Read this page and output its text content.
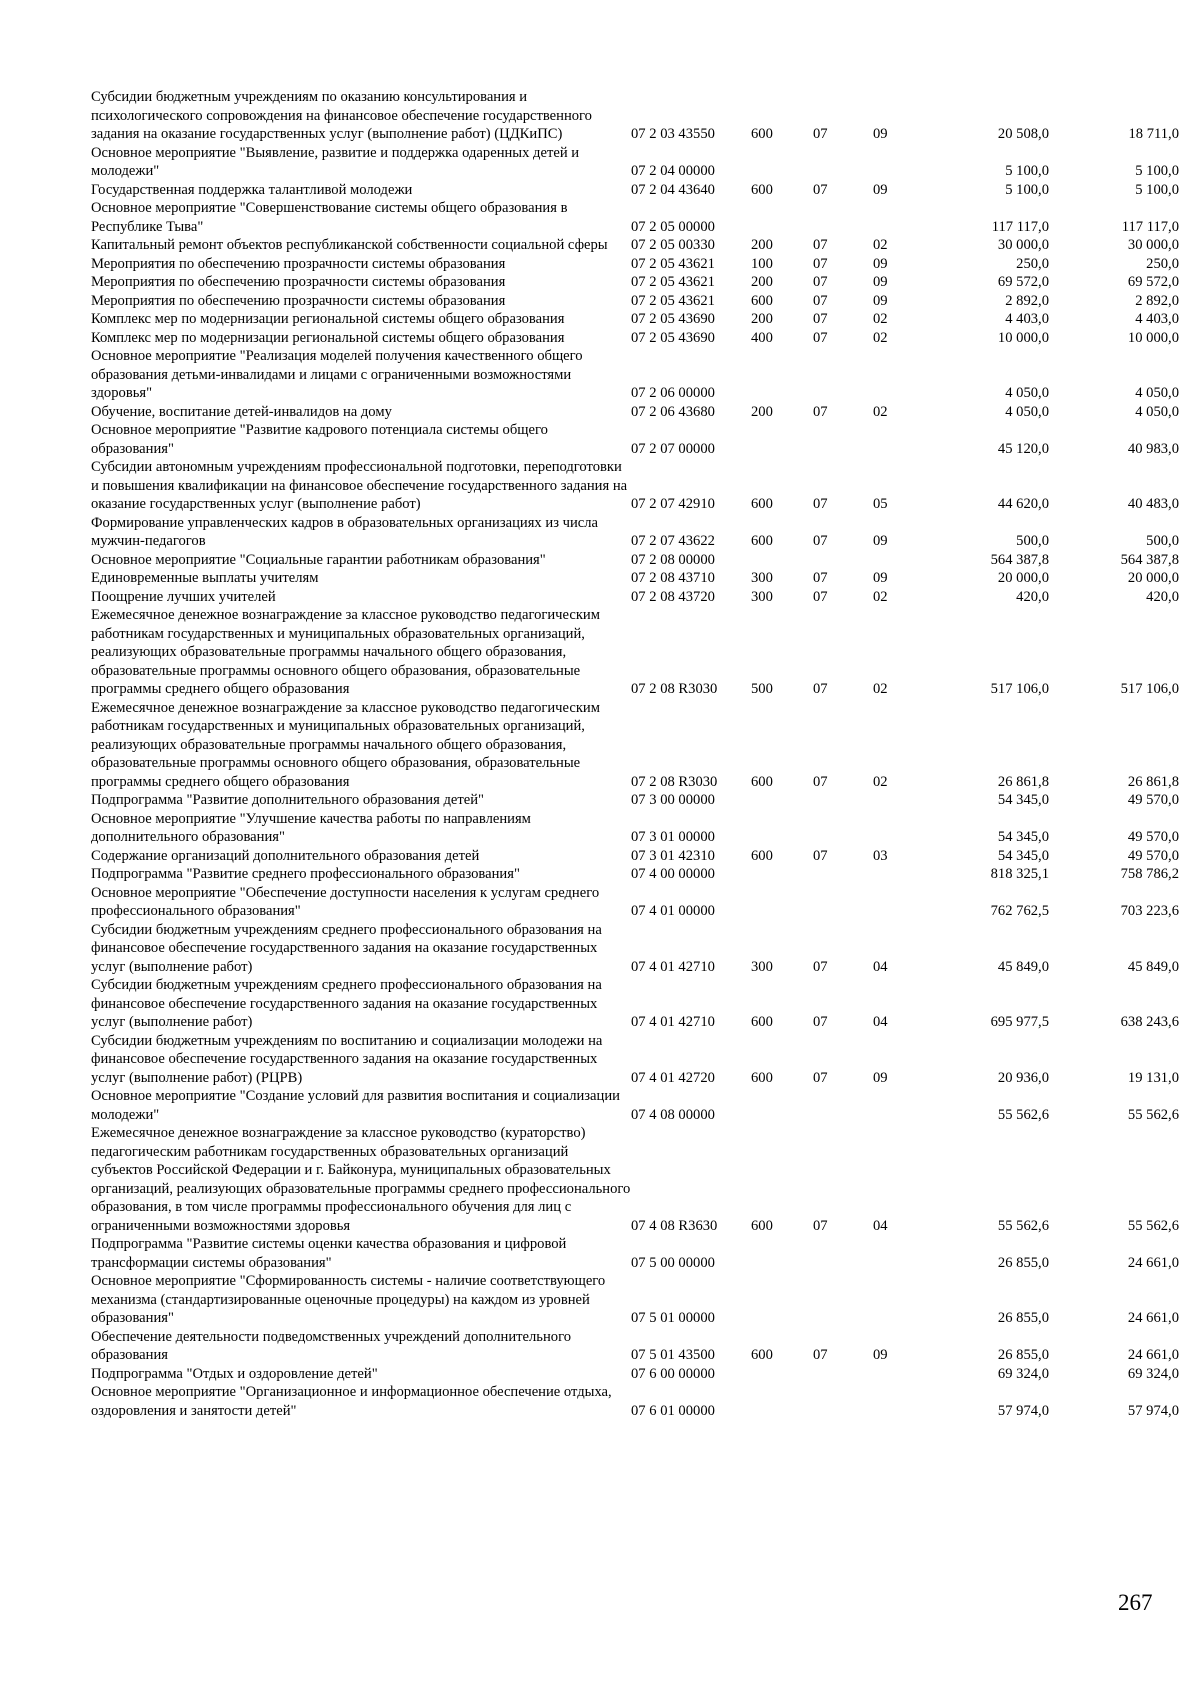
Субсидии бюджетным учреждениям по оказанию консультирования и психологического сопровождения на финансовое обеспечение государственного задания на оказание государственных услуг (выполнение работ) (ЦДКиПС)	07 2 03 43550	600	07	09	20 508,0	18 711,0
Основное мероприятие "Выявление, развитие и поддержка одаренных детей и молодежи"	07 2 04 00000				5 100,0	5 100,0
Государственная поддержка талантливой молодежи	07 2 04 43640	600	07	09	5 100,0	5 100,0
Основное мероприятие "Совершенствование системы общего образования в Республике Тыва"	07 2 05 00000				117 117,0	117 117,0
Капитальный ремонт объектов республиканской собственности социальной сферы	07 2 05 00330	200	07	02	30 000,0	30 000,0
Мероприятия по обеспечению прозрачности системы образования	07 2 05 43621	100	07	09	250,0	250,0
Мероприятия по обеспечению прозрачности системы образования	07 2 05 43621	200	07	09	69 572,0	69 572,0
Мероприятия по обеспечению прозрачности системы образования	07 2 05 43621	600	07	09	2 892,0	2 892,0
Комплекс мер по модернизации региональной системы общего образования	07 2 05 43690	200	07	02	4 403,0	4 403,0
Комплекс мер по модернизации региональной системы общего образования	07 2 05 43690	400	07	02	10 000,0	10 000,0
Основное мероприятие "Реализация моделей получения качественного общего образования детьми-инвалидами и лицами с ограниченными возможностями здоровья"	07 2 06 00000				4 050,0	4 050,0
Обучение, воспитание детей-инвалидов на дому	07 2 06 43680	200	07	02	4 050,0	4 050,0
Основное мероприятие "Развитие кадрового потенциала системы общего образования"	07 2 07 00000				45 120,0	40 983,0
Субсидии автономным учреждениям профессиональной подготовки, переподготовки и повышения квалификации на финансовое обеспечение государственного задания на оказание государственных услуг (выполнение работ)	07 2 07 42910	600	07	05	44 620,0	40 483,0
Формирование управленческих кадров в образовательных организациях из числа мужчин-педагогов	07 2 07 43622	600	07	09	500,0	500,0
Основное мероприятие "Социальные гарантии работникам образования"	07 2 08 00000				564 387,8	564 387,8
Единовременные выплаты учителям	07 2 08 43710	300	07	09	20 000,0	20 000,0
Поощрение лучших учителей	07 2 08 43720	300	07	02	420,0	420,0
Ежемесячное денежное вознаграждение за классное руководство педагогическим работникам государственных и муниципальных образовательных организаций, реализующих образовательные программы начального общего образования, образовательные программы основного общего образования, образовательные программы среднего общего образования	07 2 08 R3030	500	07	02	517 106,0	517 106,0
Ежемесячное денежное вознаграждение за классное руководство педагогическим работникам государственных и муниципальных образовательных организаций, реализующих образовательные программы начального общего образования, образовательные программы основного общего образования, образовательные программы среднего общего образования	07 2 08 R3030	600	07	02	26 861,8	26 861,8
Подпрограмма "Развитие дополнительного образования детей"	07 3 00 00000				54 345,0	49 570,0
Основное мероприятие "Улучшение качества работы по направлениям дополнительного образования"	07 3 01 00000				54 345,0	49 570,0
Содержание организаций дополнительного образования детей	07 3 01 42310	600	07	03	54 345,0	49 570,0
Подпрограмма "Развитие среднего профессионального образования"	07 4 00 00000				818 325,1	758 786,2
Основное мероприятие "Обеспечение доступности населения к услугам среднего профессионального образования"	07 4 01 00000				762 762,5	703 223,6
Субсидии бюджетным учреждениям среднего профессионального образования на финансовое обеспечение государственного задания на оказание государственных услуг (выполнение работ)	07 4 01 42710	300	07	04	45 849,0	45 849,0
Субсидии бюджетным учреждениям среднего профессионального образования на финансовое обеспечение государственного задания на оказание государственных услуг (выполнение работ)	07 4 01 42710	600	07	04	695 977,5	638 243,6
Субсидии бюджетным учреждениям по воспитанию и социализации молодежи на финансовое обеспечение государственного задания на оказание государственных услуг (выполнение работ) (РЦРВ)	07 4 01 42720	600	07	09	20 936,0	19 131,0
Основное мероприятие "Создание условий для развития воспитания и социализации молодежи"	07 4 08 00000				55 562,6	55 562,6
Ежемесячное денежное вознаграждение за классное руководство (кураторство) педагогическим работникам государственных образовательных организаций субъектов Российской Федерации и г. Байконура, муниципальных образовательных организаций, реализующих образовательные программы среднего профессионального образования, в том числе программы профессионального обучения для лиц с ограниченными возможностями здоровья	07 4 08 R3630	600	07	04	55 562,6	55 562,6
Подпрограмма "Развитие системы оценки качества образования и цифровой трансформации системы образования"	07 5 00 00000				26 855,0	24 661,0
Основное мероприятие "Сформированность системы - наличие соответствующего механизма (стандартизированные оценочные процедуры) на каждом из уровней образования"	07 5 01 00000				26 855,0	24 661,0
Обеспечение деятельности подведомственных учреждений дополнительного образования	07 5 01 43500	600	07	09	26 855,0	24 661,0
Подпрограмма "Отдых и оздоровление детей"	07 6 00 00000				69 324,0	69 324,0
Основное мероприятие "Организационное и информационное обеспечение отдыха, оздоровления и занятости детей"	07 6 01 00000				57 974,0	57 974,0
267
